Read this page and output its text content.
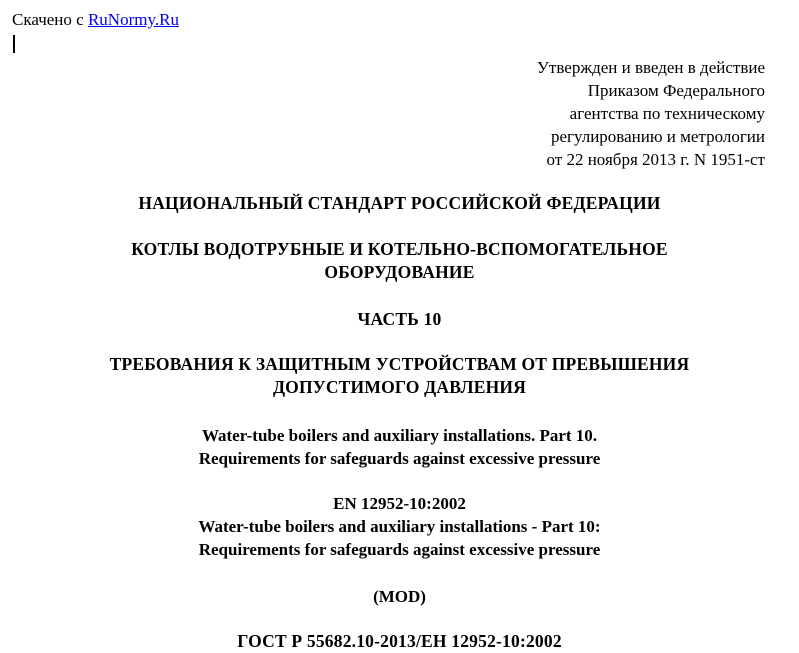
Скачено с RuNormy.Ru
Утвержден и введен в действие
Приказом Федерального
агентства по техническому
регулированию и метрологии
от 22 ноября 2013 г. N 1951-ст
НАЦИОНАЛЬНЫЙ СТАНДАРТ РОССИЙСКОЙ ФЕДЕРАЦИИ
КОТЛЫ ВОДОТРУБНЫЕ И КОТЕЛЬНО-ВСПОМОГАТЕЛЬНОЕ
ОБОРУДОВАНИЕ
ЧАСТЬ 10
ТРЕБОВАНИЯ К ЗАЩИТНЫМ УСТРОЙСТВАМ ОТ ПРЕВЫШЕНИЯ
ДОПУСТИМОГО ДАВЛЕНИЯ
Water-tube boilers and auxiliary installations. Part 10.
Requirements for safeguards against excessive pressure
EN 12952-10:2002
Water-tube boilers and auxiliary installations - Part 10:
Requirements for safeguards against excessive pressure
(MOD)
ГОСТ Р 55682.10-2013/ЕН 12952-10:2002
